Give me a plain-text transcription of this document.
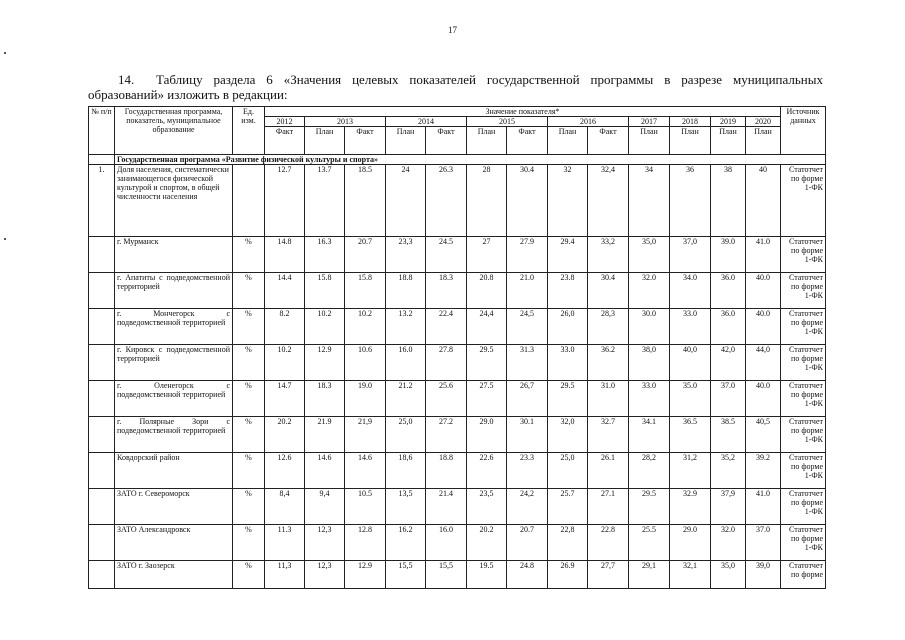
17
14. Таблицу раздела 6 «Значения целевых показателей государственной программы в разрезе муниципальных образований» изложить в редакции:
№ п/п	Государственная программа, показатель, муниципальное образование	Ед. изм.	Значение показателя*													Источник данных
			2012	2013		2014		2015		2016		2017	2018	2019	2020	
			Факт	План	Факт	План	Факт	План	Факт	План	Факт	План	План	План	План	
	Государственная программа «Развитие физической культуры и спорта»															
1.	Доля населения, систематически занимающегося физической культурой и спортом, в общей численности населения		12.7	13.7	18.5	24	26.3	28	30.4	32	32,4	34	36	38	40	Статотчет по форме 1-ФК
	г. Мурманск	%	14.8	16.3	20.7	23,3	24.5	27	27.9	29.4	33,2	35,0	37,0	39.0	41.0	Статотчет по форме 1-ФК
	г. Апатиты с подведомственной территорией	%	14.4	15.8	15.8	18.8	18.3	20.8	21.0	23.8	30.4	32.0	34.0	36.0	40.0	Статотчет по форме 1-ФК
	г. Мончегорск с подведомственной территорией	%	8.2	10.2	10.2	13.2	22.4	24,4	24,5	26,0	28,3	30.0	33.0	36.0	40.0	Статотчет по форме 1-ФК
	г. Кировск с подведомственной территорией	%	10.2	12.9	10.6	16.0	27.8	29.5	31.3	33.0	36.2	38,0	40,0	42,0	44,0	Статотчет по форме 1-ФК
	г. Оленегорск с подведомственной территорией	%	14.7	18.3	19.0	21.2	25.6	27.5	26,7	29.5	31.0	33.0	35.0	37.0	40.0	Статотчет по форме 1-ФК
	г. Полярные Зори с подведомственной территорией	%	20.2	21.9	21,9	25,0	27.2	29.0	30.1	32,0	32.7	34.1	36.5	38.5	40,5	Статотчет по форме 1-ФК
	Ковдорский район	%	12.6	14.6	14.6	18,6	18.8	22.6	23.3	25,0	26.1	28,2	31,2	35,2	39.2	Статотчет по форме 1-ФК
	ЗАТО г. Североморск	%	8,4	9,4	10.5	13,5	21.4	23,5	24,2	25.7	27.1	29.5	32.9	37,9	41.0	Статотчет по форме 1-ФК
	ЗАТО Александровск	%	11.3	12,3	12.8	16.2	16.0	20.2	20.7	22,8	22.8	25.5	29.0	32.0	37.0	Статотчет по форме 1-ФК
	ЗАТО г. Заозерск	%	11,3	12,3	12.9	15,5	15,5	19.5	24.8	26.9	27,7	29,1	32,1	35,0	39,0	Статотчет по форме
